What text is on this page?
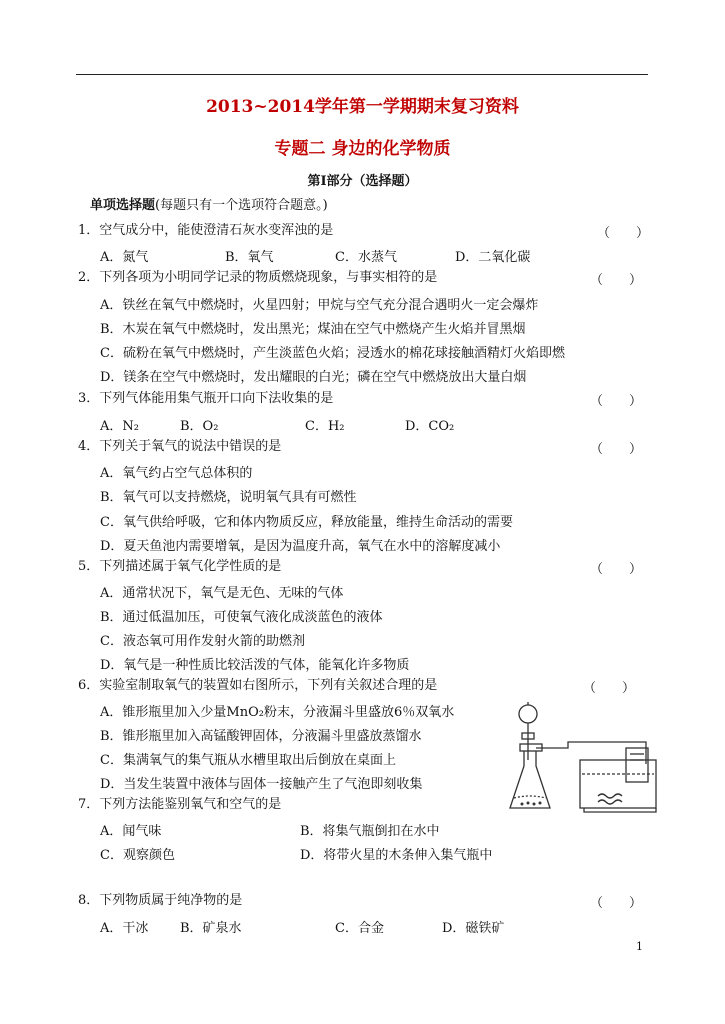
2013~2014学年第一学期期末复习资料
专题二 身边的化学物质
第Ⅰ部分（选择题）
单项选择题(每题只有一个选项符合题意。)
1．空气成分中，能使澄清石灰水变浑浊的是	（　　）
A．氮气	B．氧气	C．水蒸气	D．二氧化碳
2．下列各项为小明同学记录的物质燃烧现象，与事实相符的是	（　　）
A．铁丝在氧气中燃烧时，火星四射；甲烷与空气充分混合遇明火一定会爆炸
B．木炭在氧气中燃烧时，发出黑光；煤油在空气中燃烧产生火焰并冒黑烟
C．硫粉在氧气中燃烧时，产生淡蓝色火焰；浸透水的棉花球接触酒精灯火焰即燃
D．镁条在空气中燃烧时，发出耀眼的白光；磷在空气中燃烧放出大量白烟
3．下列气体能用集气瓶开口向下法收集的是	（　　）
A．N₂	B．O₂	C．H₂	D．CO₂
4．下列关于氧气的说法中错误的是	（　　）
A．氧气约占空气总体积的
B．氧气可以支持燃烧，说明氧气具有可燃性
C．氧气供给呼吸，它和体内物质反应，释放能量，维持生命活动的需要
D．夏天鱼池内需要增氧，是因为温度升高，氧气在水中的溶解度减小
5．下列描述属于氧气化学性质的是	（　　）
A．通常状况下，氧气是无色、无味的气体
B．通过低温加压，可使氧气液化成淡蓝色的液体
C．液态氧可用作发射火箭的助燃剂
D．氧气是一种性质比较活泼的气体，能氧化许多物质
6．实验室制取氧气的装置如右图所示，下列有关叙述合理的是	（　　）
A．锥形瓶里加入少量MnO₂粉末，分液漏斗里盛放6％双氧水
B．锥形瓶里加入高锰酸钾固体，分液漏斗里盛放蒸馏水
C．集满氧气的集气瓶从水槽里取出后倒放在桌面上
D．当发生装置中液体与固体一接触产生了气泡即刻收集
7．下列方法能鉴别氧气和空气的是
A．闻气味	B．将集气瓶倒扣在水中
C．观察颜色	D．将带火星的木条伸入集气瓶中
8．下列物质属于纯净物的是	（　　）
A．干冰 B．矿泉水	C．合金	D．磁铁矿
1
